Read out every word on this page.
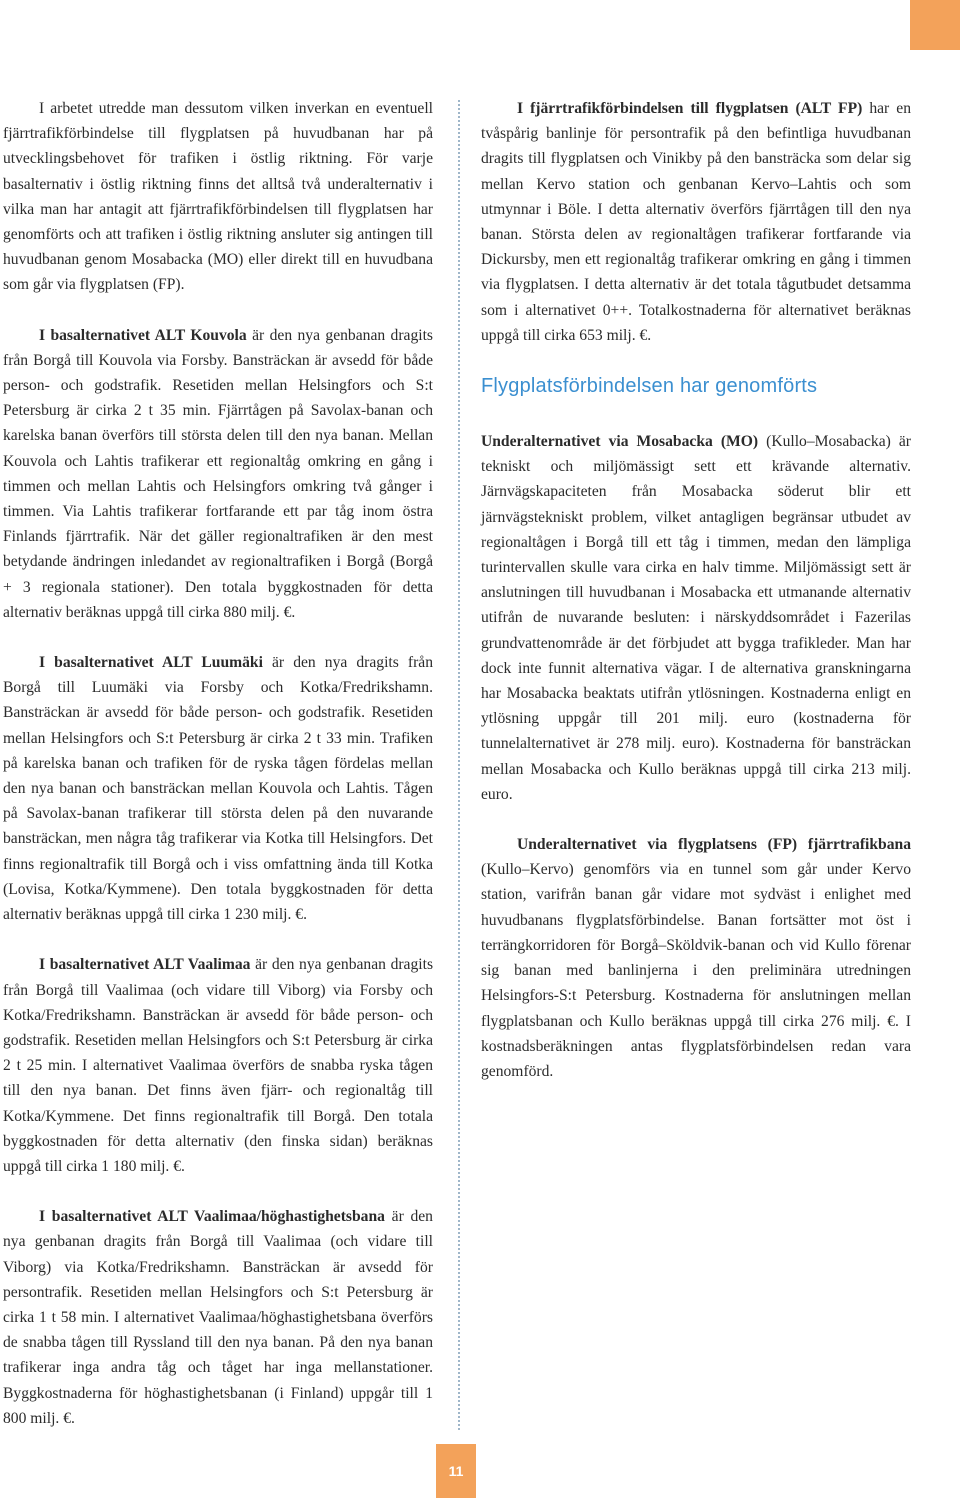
I arbetet utredde man dessutom vilken inverkan en eventuell fjärrtrafikförbindelse till flygplatsen på huvudbanan har på utvecklingsbehovet för trafiken i östlig riktning. För varje basalternativ i östlig riktning finns det alltså två underalternativ i vilka man har antagit att fjärrtrafikförbindelsen till flygplatsen har genomförts och att trafiken i östlig riktning ansluter sig antingen till huvudbanan genom Mosabacka (MO) eller direkt till en huvudbana som går via flygplatsen (FP).

I basalternativet ALT Kouvola är den nya genbanan dragits från Borgå till Kouvola via Forsby. Bansträckan är avsedd för både person- och godstrafik. Resetiden mellan Helsingfors och S:t Petersburg är cirka 2 t 35 min. Fjärrtågen på Savolax-banan och karelska banan överförs till största delen till den nya banan. Mellan Kouvola och Lahtis trafikerar ett regionaltåg omkring en gång i timmen och mellan Lahtis och Helsingfors omkring två gånger i timmen. Via Lahtis trafikerar fortfarande ett par tåg inom östra Finlands fjärrtrafik. När det gäller regionaltrafiken är den mest betydande ändringen inledandet av regionaltrafiken i Borgå (Borgå + 3 regionala stationer). Den totala byggkostnaden för detta alternativ beräknas uppgå till cirka 880 milj. €.

I basalternativet ALT Luumäki är den nya dragits från Borgå till Luumäki via Forsby och Kotka/Fredrikshamn. Bansträckan är avsedd för både person- och godstrafik. Resetiden mellan Helsingfors och S:t Petersburg är cirka 2 t 33 min. Trafiken på karelska banan och trafiken för de ryska tågen fördelas mellan den nya banan och bansträckan mellan Kouvola och Lahtis. Tågen på Savolax-banan trafikerar till största delen på den nuvarande bansträckan, men några tåg trafikerar via Kotka till Helsingfors. Det finns regionaltrafik till Borgå och i viss omfattning ända till Kotka (Lovisa, Kotka/Kymmene). Den totala byggkostnaden för detta alternativ beräknas uppgå till cirka 1 230 milj. €.

I basalternativet ALT Vaalimaa är den nya genbanan dragits från Borgå till Vaalimaa (och vidare till Viborg) via Forsby och Kotka/Fredrikshamn. Bansträckan är avsedd för både person- och godstrafik. Resetiden mellan Helsingfors och S:t Petersburg är cirka 2 t 25 min. I alternativet Vaalimaa överförs de snabba ryska tågen till den nya banan. Det finns även fjärr- och regionaltåg till Kotka/Kymmene. Det finns regionaltrafik till Borgå. Den totala byggkostnaden för detta alternativ (den finska sidan) beräknas uppgå till cirka 1 180 milj. €.

I basalternativet ALT Vaalimaa/höghastighetsbana är den nya genbanan dragits från Borgå till Vaalimaa (och vidare till Viborg) via Kotka/Fredrikshamn. Bansträckan är avsedd för persontrafik. Resetiden mellan Helsingfors och S:t Petersburg är cirka 1 t 58 min. I alternativet Vaalimaa/höghastighetsbana överförs de snabba tågen till Ryssland till den nya banan. På den nya banan trafikerar inga andra tåg och tåget har inga mellanstationer. Byggkostnaderna för höghastighetsbanan (i Finland) uppgår till 1 800 milj. €.

I fjärrtrafikförbindelsen till flygplatsen (ALT FP) har en tvåspårig banlinje för persontrafik på den befintliga huvudbanan dragits till flygplatsen och Vinikby på den bansträcka som delar sig mellan Kervo station och genbanan Kervo–Lahtis och som utmynnar i Böle. I detta alternativ överförs fjärrtågen till den nya banan. Största delen av regionaltågen trafikerar fortfarande via Dickursby, men ett regionaltåg trafikerar omkring en gång i timmen via flygplatsen. I detta alternativ är det totala tågutbudet detsamma som i alternativet 0++. Totalkostnaderna för alternativet beräknas uppgå till cirka 653 milj. €.

Flygplatsförbindelsen har genomförts

Underalternativet via Mosabacka (MO) (Kullo–Mosabacka) är tekniskt och miljömässigt sett ett krävande alternativ. Järnvägskapaciteten från Mosabacka söderut blir ett järnvägstekniskt problem, vilket antagligen begränsar utbudet av regionaltågen i Borgå till ett tåg i timmen, medan den lämpliga turintervallen skulle vara cirka en halv timme. Miljömässigt sett är anslutningen till huvudbanan i Mosabacka ett utmanande alternativ utifrån de nuvarande besluten: i närskyddsområdet i Fazerilas grundvattenområde är det förbjudet att bygga trafikleder. Man har dock inte funnit alternativa vägar. I de alternativa granskningarna har Mosabacka beaktats utifrån ytlösningen. Kostnaderna enligt en ytlösning uppgår till 201 milj. euro (kostnaderna för tunnelalternativet är 278 milj. euro). Kostnaderna för bansträckan mellan Mosabacka och Kullo beräknas uppgå till cirka 213 milj. euro.

Underalternativet via flygplatsens (FP) fjärrtrafikbana (Kullo–Kervo) genomförs via en tunnel som går under Kervo station, varifrån banan går vidare mot sydväst i enlighet med huvudbanans flygplatsförbindelse. Banan fortsätter mot öst i terrängkorridoren för Borgå–Sköldvik-banan och vid Kullo förenar sig banan med banlinjerna i den preliminära utredningen Helsingfors-S:t Petersburg. Kostnaderna för anslutningen mellan flygplatsbanan och Kullo beräknas uppgå till cirka 276 milj. €. I kostnadsberäkningen antas flygplatsförbindelsen redan vara genomförd.

11
